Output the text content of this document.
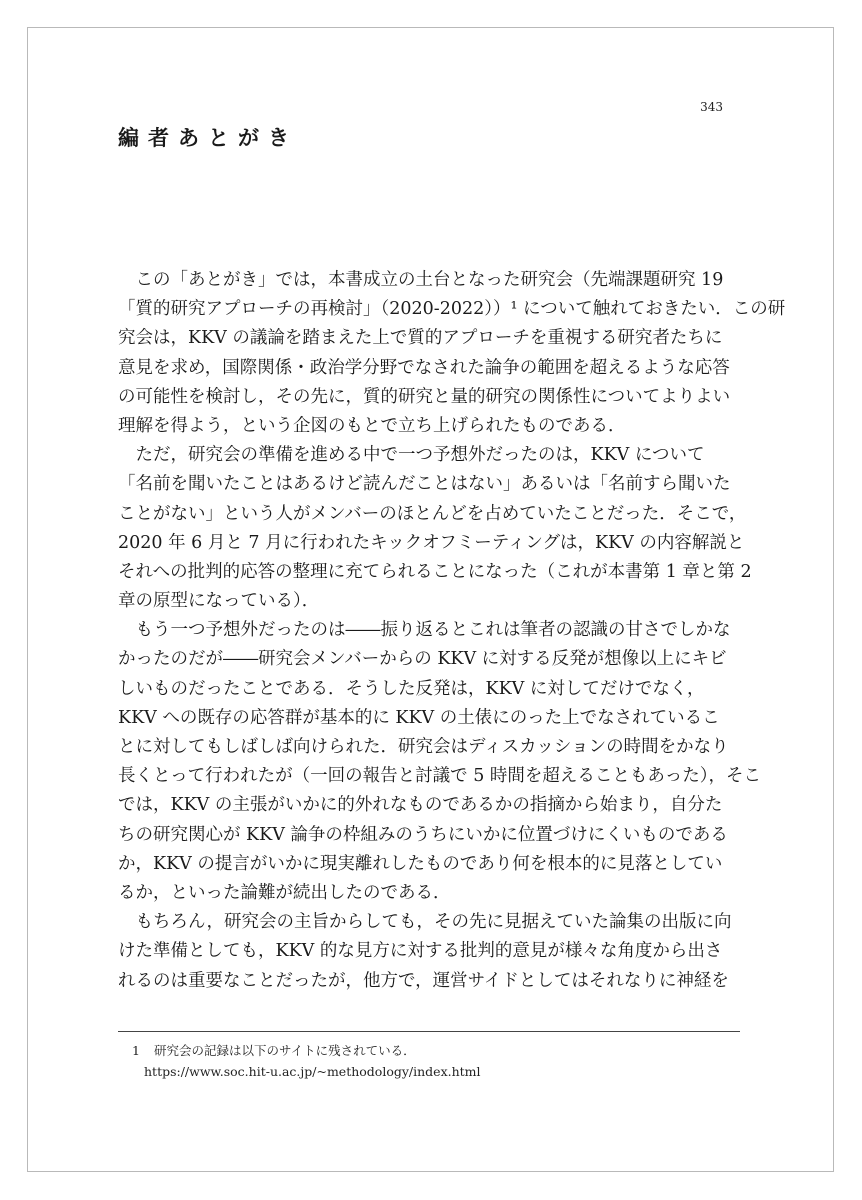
343
編者あとがき
　この「あとがき」では，本書成立の土台となった研究会（先端課題研究 19
「質的研究アプローチの再検討」（2020-2022））¹ について触れておきたい．この研
究会は，KKV の議論を踏まえた上で質的アプローチを重視する研究者たちに
意見を求め，国際関係・政治学分野でなされた論争の範囲を超えるような応答
の可能性を検討し，その先に，質的研究と量的研究の関係性についてよりよい
理解を得よう，という企図のもとで立ち上げられたものである．
　ただ，研究会の準備を進める中で一つ予想外だったのは，KKV について
「名前を聞いたことはあるけど読んだことはない」あるいは「名前すら聞いた
ことがない」という人がメンバーのほとんどを占めていたことだった．そこで，
2020 年 6 月と 7 月に行われたキックオフミーティングは，KKV の内容解説と
それへの批判的応答の整理に充てられることになった（これが本書第 1 章と第 2
章の原型になっている）．
　もう一つ予想外だったのは――振り返るとこれは筆者の認識の甘さでしかな
かったのだが――研究会メンバーからの KKV に対する反発が想像以上にキビ
しいものだったことである．そうした反発は，KKV に対してだけでなく，
KKV への既存の応答群が基本的に KKV の土俵にのった上でなされているこ
とに対してもしばしば向けられた．研究会はディスカッションの時間をかなり
長くとって行われたが（一回の報告と討議で 5 時間を超えることもあった），そこ
では，KKV の主張がいかに的外れなものであるかの指摘から始まり，自分た
ちの研究関心が KKV 論争の枠組みのうちにいかに位置づけにくいものである
か，KKV の提言がいかに現実離れしたものであり何を根本的に見落としてい
るか，といった論難が続出したのである．
　もちろん，研究会の主旨からしても，その先に見据えていた論集の出版に向
けた準備としても，KKV 的な見方に対する批判的意見が様々な角度から出さ
れるのは重要なことだったが，他方で，運営サイドとしてはそれなりに神経を
1 研究会の記録は以下のサイトに残されている．
https://www.soc.hit-u.ac.jp/~methodology/index.html
